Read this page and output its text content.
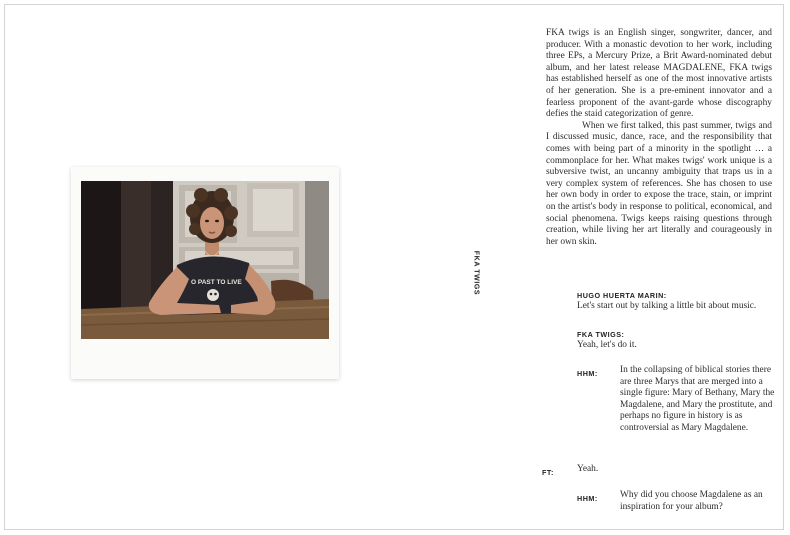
O PAST TO LIVE	FKA TWIGS

FKA twigs is an English singer, songwriter, dancer, and producer. With a monastic devotion to her work, including three EPs, a Mercury Prize, a Brit Award-nominated debut album, and her latest release MAGDALENE, FKA twigs has established herself as one of the most innovative artists of her generation. She is a pre-eminent innovator and a fearless proponent of the avant-garde whose discography defies the staid categorization of genre.

When we first talked, this past summer, twigs and I discussed music, dance, race, and the responsibility that comes with being part of a minority in the spotlight … a commonplace for her. What makes twigs' work unique is a subversive twist, an uncanny ambiguity that traps us in a very complex system of references. She has chosen to use her own body in order to expose the trace, stain, or imprint on the artist's body in response to political, economical, and social phenomena. Twigs keeps raising questions through creation, while living her art literally and courageously in her own skin.

HUGO HUERTA MARIN:
Let's start out by talking a little bit about music.
FKA TWIGS:
Yeah, let's do it.
HHM: In the collapsing of biblical stories there are three Marys that are merged into a single figure: Mary of Bethany, Mary the Magdalene, and Mary the prostitute, and perhaps no figure in history is as controversial as Mary Magdalene.
FT: Yeah.
HHM: Why did you choose Magdalene as an inspiration for your album?
